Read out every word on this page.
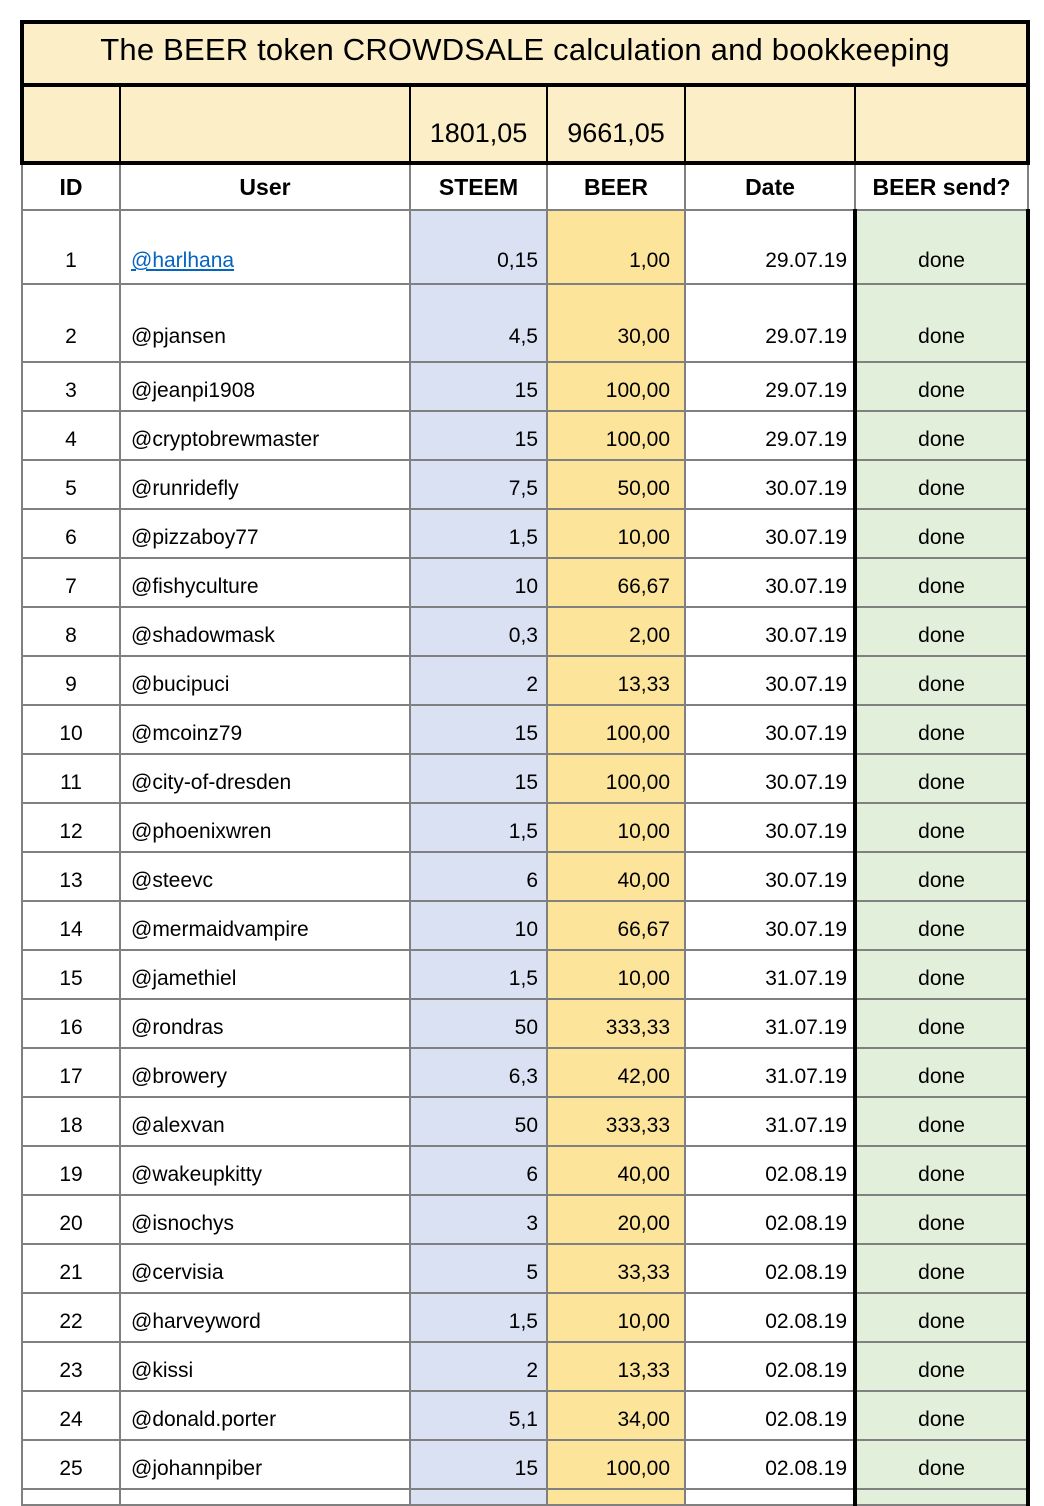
The BEER token CROWDSALE calculation and bookkeeping					
		1801,05	9661,05		
ID	User	STEEM	BEER	Date	BEER send?
1	@harlhana	0,15	1,00	29.07.19	done
2	@pjansen	4,5	30,00	29.07.19	done
3	@jeanpi1908	15	100,00	29.07.19	done
4	@cryptobrewmaster	15	100,00	29.07.19	done
5	@runridefly	7,5	50,00	30.07.19	done
6	@pizzaboy77	1,5	10,00	30.07.19	done
7	@fishyculture	10	66,67	30.07.19	done
8	@shadowmask	0,3	2,00	30.07.19	done
9	@bucipuci	2	13,33	30.07.19	done
10	@mcoinz79	15	100,00	30.07.19	done
11	@city-of-dresden	15	100,00	30.07.19	done
12	@phoenixwren	1,5	10,00	30.07.19	done
13	@steevc	6	40,00	30.07.19	done
14	@mermaidvampire	10	66,67	30.07.19	done
15	@jamethiel	1,5	10,00	31.07.19	done
16	@rondras	50	333,33	31.07.19	done
17	@browery	6,3	42,00	31.07.19	done
18	@alexvan	50	333,33	31.07.19	done
19	@wakeupkitty	6	40,00	02.08.19	done
20	@isnochys	3	20,00	02.08.19	done
21	@cervisia	5	33,33	02.08.19	done
22	@harveyword	1,5	10,00	02.08.19	done
23	@kissi	2	13,33	02.08.19	done
24	@donald.porter	5,1	34,00	02.08.19	done
25	@johannpiber	15	100,00	02.08.19	done
